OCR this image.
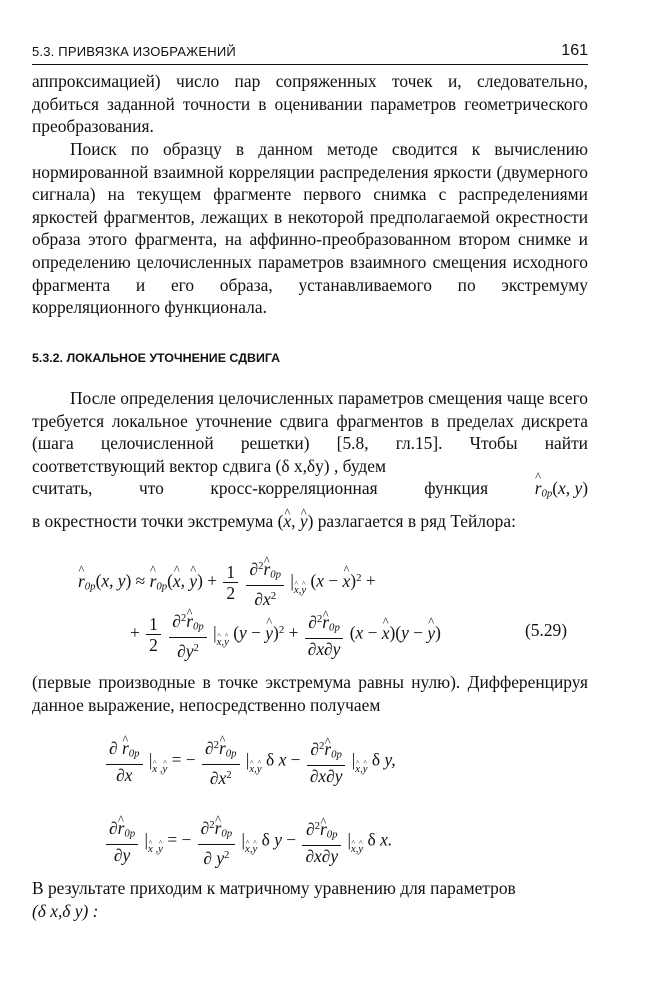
5.3. ПРИВЯЗКА ИЗОБРАЖЕНИЙ	161

аппроксимацией) число пар сопряженных точек и, следовательно, добиться заданной точности в оценивании параметров геометрического преобразования.

Поиск по образцу в данном методе сводится к вычислению нормированной взаимной корреляции распределения яркости (двумерного сигнала) на текущем фрагменте первого снимка с распределениями яркостей фрагментов, лежащих в некоторой предполагаемой окрестности образа этого фрагмента, на аффинно-преобразованном втором снимке и определению целочисленных параметров взаимного смещения исходного фрагмента и его образа, устанавливаемого по экстремуму корреляционного функционала.

5.3.2. ЛОКАЛЬНОЕ УТОЧНЕНИЕ СДВИГА

После определения целочисленных параметров смещения чаще всего требуется локальное уточнение сдвига фрагментов в пределах дискрета (шага целочисленной решетки) [5.8, гл.15]. Чтобы найти соответствующий вектор сдвига (δ x,δy) , будем

считать,	что	кросс-корреляционная	функция	^ $r_{0p}(x$, y)
в окрестности точки экстремума (^ x, ^ y) разлагается в ряд Тейлора:
^ $r_{0p}(x$, y) ≈ ^ $r_{0p}(\^{}$ x, ^ $y) + \frac{1}{2}$
$\frac{\partial^2\^{} r_{0p}}{\partial x^2}$ |^ $_{x,\^{} y}$ (x − ^ x)$^2$ +
+ $\frac{1}{2}$
$\frac{\partial^2\^{} r_{0p}}{\partial y^2}$ |^ $_{x,\^{} y}$ (y − ^ $y)^2 + \frac{\partial^2\^{} r_{0p}}{\partial x\partial y} (x$ − ^ x)(y − ^ y)	(5.29)

(первые производные в точке экстремума равны нулю). Дифференцируя данное выражение, непосредственно получаем

$\frac{\partial \^{} r_{0p}}{\partial x}$ |^ $_{x ,\^{} y}$ = − $\frac{\partial^2\^{} r_{0p}}{\partial x^2}$ |^ $_{x,\^{} y}$ δ $x - \frac{\partial^2\^{} r_{0p}}{\partial x\partial y}$ |^ $_{x,\^{} y}$ δ y,
$\frac{\partial\^{} r_{0p}}{\partial y}$ |^ $_{x ,\^{} y}$ = − $\frac{\partial^2\^{} r_{0p}}{\partial y^2}$ |^ $_{x,\^{} y}$ δ $y - \frac{\partial^2\^{} r_{0p}}{\partial x\partial y}$ |^ $_{x,\^{} y}$ δ x.

В результате приходим к матричному уравнению для параметров
(δ x,δ y) :
